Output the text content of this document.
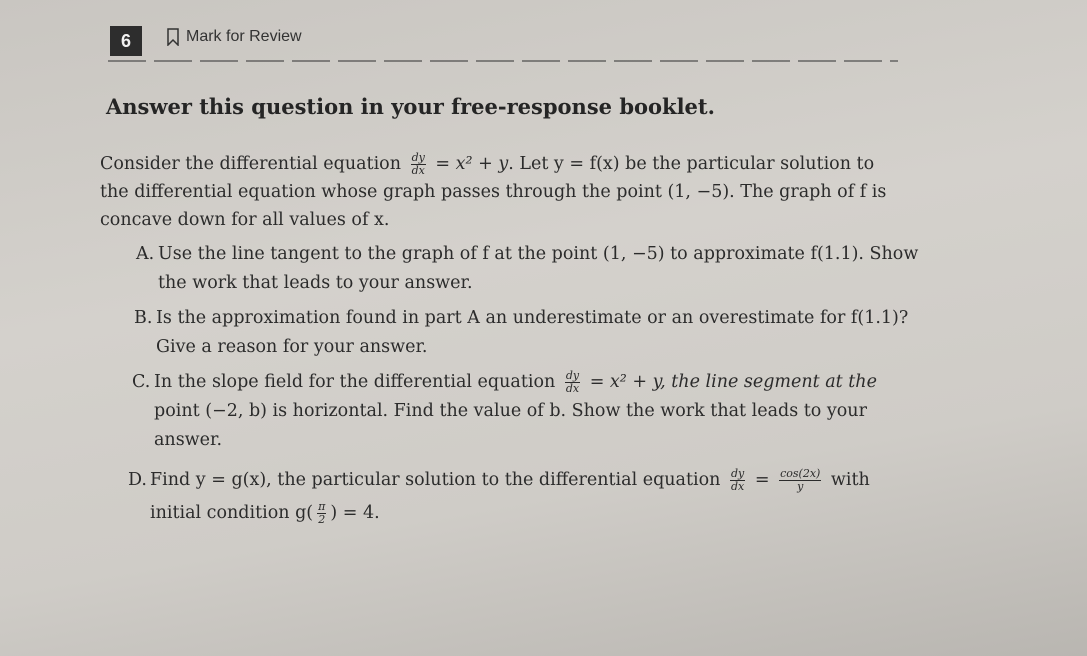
6	Mark for Review
Answer this question in your free-response booklet.
Consider the differential equation $\frac{dy}{dx} = x^2 + y$. Let y = f(x) be the particular solution to
the differential equation whose graph passes through the point (1, −5). The graph of f is
concave down for all values of x.
A. Use the line tangent to the graph of f at the point (1, −5) to approximate f(1.1). Show
the work that leads to your answer.
B. Is the approximation found in part A an underestimate or an overestimate for f(1.1)?
Give a reason for your answer.
C. In the slope field for the differential equation $\frac{dy}{dx} = x^2 + y$, the line segment at the
point (−2, b) is horizontal. Find the value of b. Show the work that leads to your
answer.
D. Find y = g(x), the particular solution to the differential equation $\frac{dy}{dx} = \frac{\cos(2x)}{y}$ with
initial condition $g( \frac{\pi}{2}$ ) = 4.
